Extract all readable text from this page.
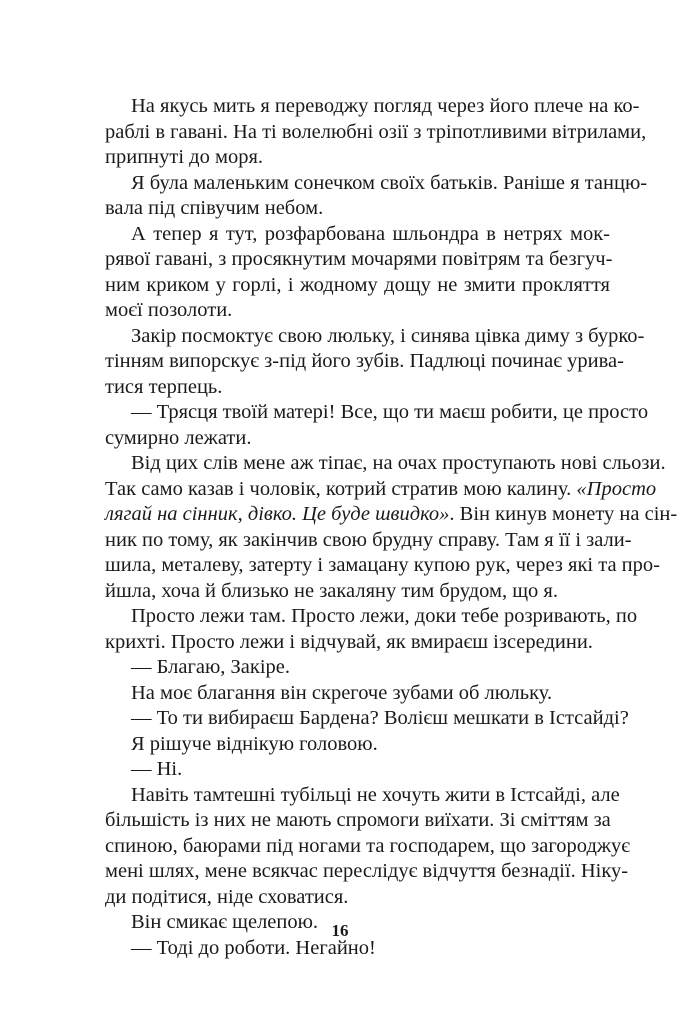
На якусь мить я переводжу погляд через його плече на ко-
раблі в гавані. На ті волелюбні озії з тріпотливими вітрилами,
припнуті до моря.
Я була маленьким сонечком своїх батьків. Раніше я танцю-
вала під співучим небом.
А тепер я тут, розфарбована шльондра в нетрях мок-
рявої гавані, з просякнутим мочарями повітрям та безгуч-
ним криком у горлі, і жодному дощу не змити прокляття
моєї позолоти.
Закір посмоктує свою люльку, і синява цівка диму з бурко-
тінням випорскує з-під його зубів. Падлюці починає урива-
тися терпець.
— Трясця твоїй матері! Все, що ти маєш робити, це просто
сумирно лежати.
Від цих слів мене аж тіпає, на очах проступають нові сльози.
Так само казав і чоловік, котрий стратив мою калину. «Просто
лягай на сінник, дівко. Це буде швидко». Він кинув монету на сін-
ник по тому, як закінчив свою брудну справу. Там я її і зали-
шила, металеву, затерту і замацану купою рук, через які та про-
йшла, хоча й близько не закаляну тим брудом, що я.
Просто лежи там. Просто лежи, доки тебе розривають, по
крихті. Просто лежи і відчувай, як вмираєш ізсередини.
— Благаю, Закіре.
На моє благання він скрегоче зубами об люльку.
— То ти вибираєш Бардена? Волієш мешкати в Істсайді?
Я рішуче віднікую головою.
— Ні.
Навіть тамтешні тубільці не хочуть жити в Істсайді, але
більшість із них не мають спромоги виїхати. Зі сміттям за
спиною, баюрами під ногами та господарем, що загороджує
мені шлях, мене всякчас переслідує відчуття безнадії. Ніку-
ди подітися, ніде сховатися.
Він смикає щелепою.
— Тоді до роботи. Негайно!
16
